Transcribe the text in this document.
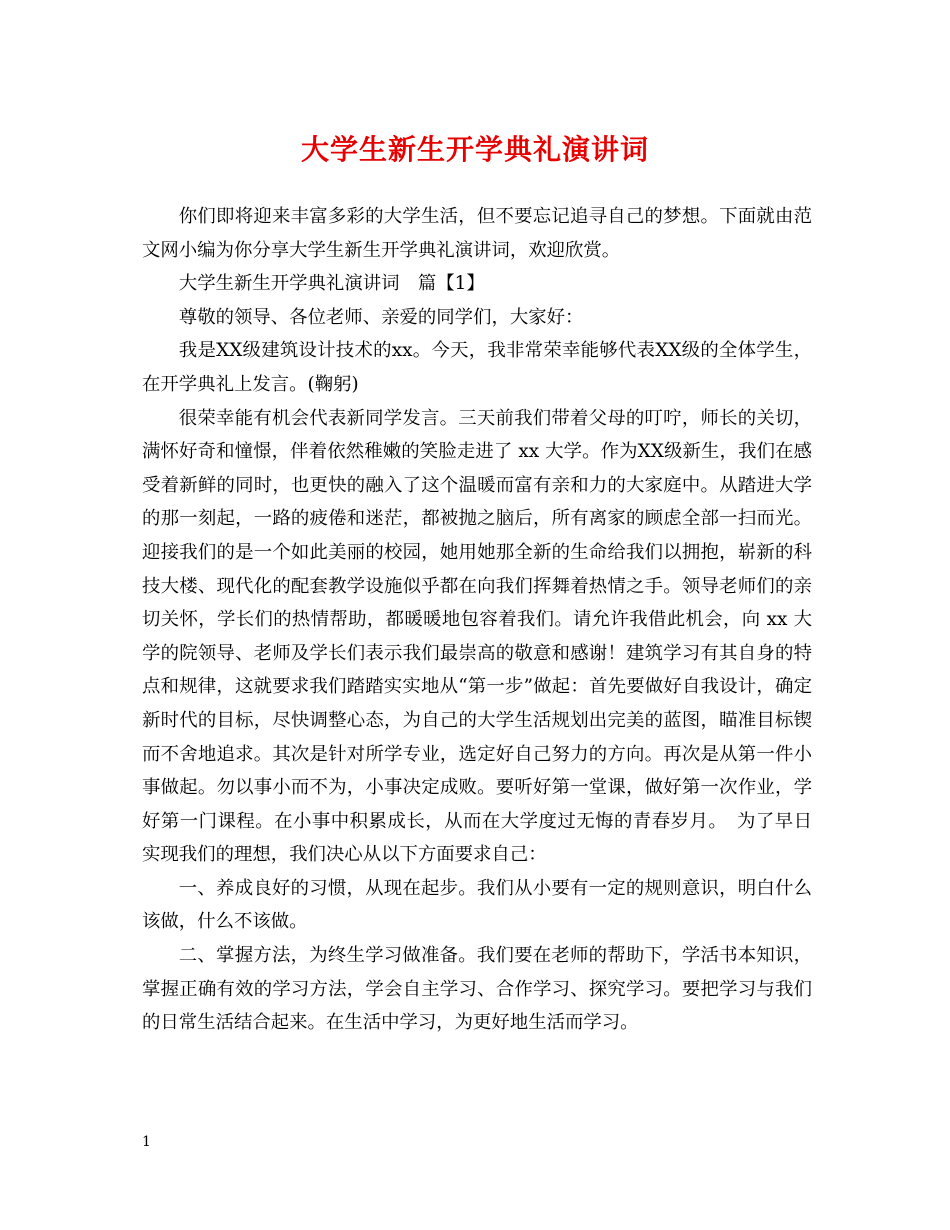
大学生新生开学典礼演讲词

你们即将迎来丰富多彩的大学生活，但不要忘记追寻自己的梦想。下面就由范文网小编为你分享大学生新生开学典礼演讲词，欢迎欣赏。

大学生新生开学典礼演讲词　篇【1】

尊敬的领导、各位老师、亲爱的同学们，大家好：

我是XX级建筑设计技术的xx。今天，我非常荣幸能够代表XX级的全体学生，在开学典礼上发言。(鞠躬)

很荣幸能有机会代表新同学发言。三天前我们带着父母的叮咛，师长的关切，满怀好奇和憧憬，伴着依然稚嫩的笑脸走进了 xx 大学。作为XX级新生，我们在感受着新鲜的同时，也更快的融入了这个温暖而富有亲和力的大家庭中。从踏进大学的那一刻起，一路的疲倦和迷茫，都被抛之脑后，所有离家的顾虑全部一扫而光。迎接我们的是一个如此美丽的校园，她用她那全新的生命给我们以拥抱，崭新的科技大楼、现代化的配套教学设施似乎都在向我们挥舞着热情之手。领导老师们的亲切关怀，学长们的热情帮助，都暖暖地包容着我们。请允许我借此机会，向 xx 大学的院领导、老师及学长们表示我们最崇高的敬意和感谢！建筑学习有其自身的特点和规律，这就要求我们踏踏实实地从“第一步”做起：首先要做好自我设计，确定新时代的目标，尽快调整心态，为自己的大学生活规划出完美的蓝图，瞄准目标锲而不舍地追求。其次是针对所学专业，选定好自己努力的方向。再次是从第一件小事做起。勿以事小而不为，小事决定成败。要听好第一堂课，做好第一次作业，学好第一门课程。在小事中积累成长，从而在大学度过无悔的青春岁月。　为了早日实现我们的理想，我们决心从以下方面要求自己：

一、养成良好的习惯，从现在起步。我们从小要有一定的规则意识，明白什么该做，什么不该做。

二、掌握方法，为终生学习做准备。我们要在老师的帮助下，学活书本知识，掌握正确有效的学习方法，学会自主学习、合作学习、探究学习。要把学习与我们的日常生活结合起来。在生活中学习，为更好地生活而学习。

1
